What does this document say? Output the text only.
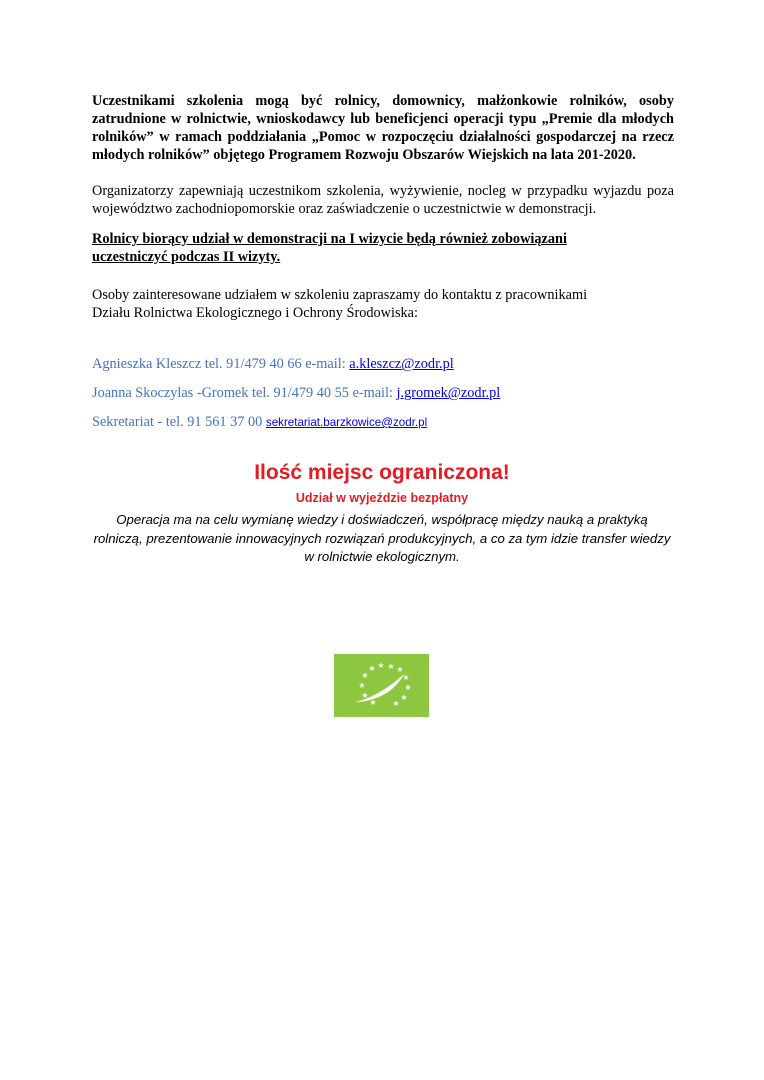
Uczestnikami szkolenia mogą być rolnicy, domownicy, małżonkowie rolników, osoby zatrudnione w rolnictwie, wnioskodawcy lub beneficjenci operacji typu „Premie dla młodych rolników” w ramach poddziałania „Pomoc w rozpoczęciu działalności gospodarczej na rzecz młodych rolników” objętego Programem Rozwoju Obszarów Wiejskich na lata 201-2020.

Organizatorzy zapewniają uczestnikom szkolenia, wyżywienie, nocleg w przypadku wyjazdu poza województwo zachodniopomorskie oraz zaświadczenie o uczestnictwie w demonstracji.

Rolnicy biorący udział w demonstracji na I wizycie będą również zobowiązani uczestniczyć podczas II wizyty.

Osoby zainteresowane udziałem w szkoleniu zapraszamy do kontaktu z pracownikami
Działu Rolnictwa Ekologicznego i Ochrony Środowiska:

Agnieszka Kleszcz tel. 91/479 40 66 e-mail: a.kleszcz@zodr.pl

Joanna Skoczylas -Gromek tel. 91/479 40 55 e-mail: j.gromek@zodr.pl

Sekretariat - tel. 91 561 37 00 sekretariat.barzkowice@zodr.pl

Ilość miejsc ograniczona!
Udział w wyjeździe bezpłatny
Operacja ma na celu wymianę wiedzy i doświadczeń, współpracę między nauką a praktyką rolniczą, prezentowanie innowacyjnych rozwiązań produkcyjnych, a co za tym idzie transfer wiedzy w rolnictwie ekologicznym.
★ ★ ★
★
★
★
★
★
★
★
★
★
